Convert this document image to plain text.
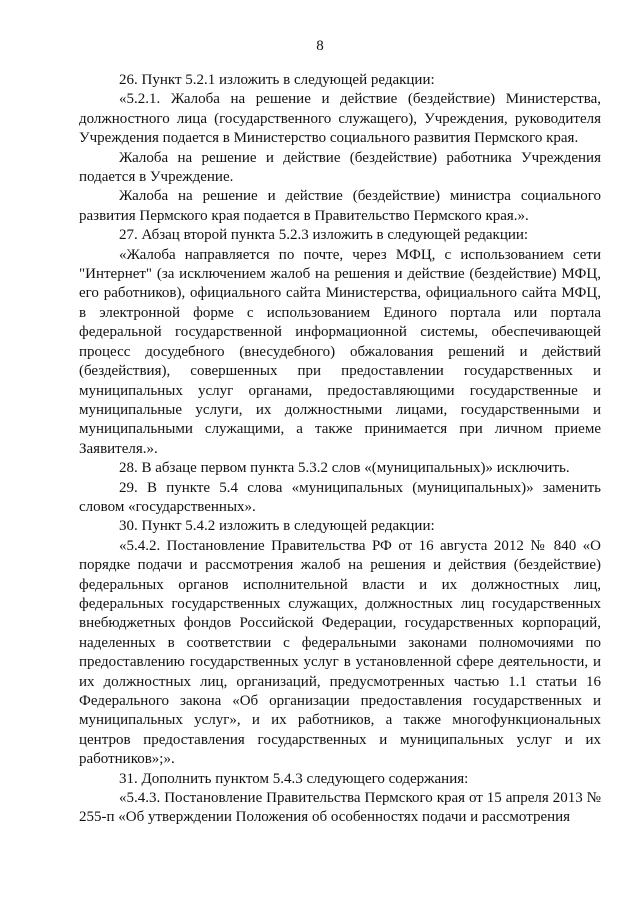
8

26. Пункт 5.2.1 изложить в следующей редакции:

«5.2.1. Жалоба на решение и действие (бездействие) Министерства, должностного лица (государственного служащего), Учреждения, руководителя Учреждения подается в Министерство социального развития Пермского края.

Жалоба на решение и действие (бездействие) работника Учреждения подается в Учреждение.

Жалоба на решение и действие (бездействие) министра социального развития Пермского края подается в Правительство Пермского края.».

27. Абзац второй пункта 5.2.3 изложить в следующей редакции:

«Жалоба направляется по почте, через МФЦ, с использованием сети "Интернет" (за исключением жалоб на решения и действие (бездействие) МФЦ, его работников), официального сайта Министерства, официального сайта МФЦ, в электронной форме с использованием Единого портала или портала федеральной государственной информационной системы, обеспечивающей процесс досудебного (внесудебного) обжалования решений и действий (бездействия), совершенных при предоставлении государственных и муниципальных услуг органами, предоставляющими государственные и муниципальные услуги, их должностными лицами, государственными и муниципальными служащими, а также принимается при личном приеме Заявителя.».

28. В абзаце первом пункта 5.3.2 слов «(муниципальных)» исключить.

29. В пункте 5.4 слова «муниципальных (муниципальных)» заменить словом «государственных».

30. Пункт 5.4.2 изложить в следующей редакции:

«5.4.2. Постановление Правительства РФ от 16 августа 2012 № 840 «О порядке подачи и рассмотрения жалоб на решения и действия (бездействие) федеральных органов исполнительной власти и их должностных лиц, федеральных государственных служащих, должностных лиц государственных внебюджетных фондов Российской Федерации, государственных корпораций, наделенных в соответствии с федеральными законами полномочиями по предоставлению государственных услуг в установленной сфере деятельности, и их должностных лиц, организаций, предусмотренных частью 1.1 статьи 16 Федерального закона «Об организации предоставления государственных и муниципальных услуг», и их работников, а также многофункциональных центров предоставления государственных и муниципальных услуг и их работников»;».

31. Дополнить пунктом 5.4.3 следующего содержания:

«5.4.3. Постановление Правительства Пермского края от 15 апреля 2013 № 255-п «Об утверждении Положения об особенностях подачи и рассмотрения
